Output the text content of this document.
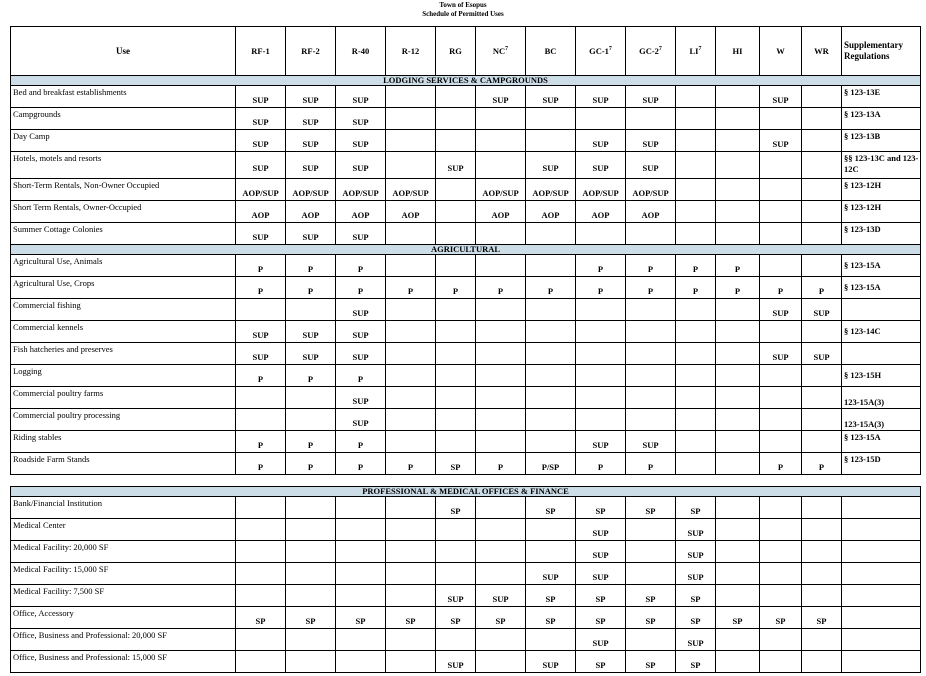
Town of Esopus
Schedule of Permitted Uses
Use	RF-1	RF-2	R-40	R-12	RG	$NC^7$	BC	$GC-1^7$	$GC-2^7$	$LI^7$	HI	W	WR	Supplementary Regulations
LODGING SERVICES & CAMPGROUNDS														
Bed and breakfast establishments	SUP	SUP	SUP			SUP	SUP	SUP	SUP			SUP		§ 123-13E
Campgrounds	SUP	SUP	SUP											§ 123-13A
Day Camp	SUP	SUP	SUP					SUP	SUP			SUP		§ 123-13B
Hotels, motels and resorts	SUP	SUP	SUP		SUP		SUP	SUP	SUP					§§ 123-13C and 123-12C
Short-Term Rentals, Non-Owner Occupied	AOP/SUP	AOP/SUP	AOP/SUP	AOP/SUP		AOP/SUP	AOP/SUP	AOP/SUP	AOP/SUP					§ 123-12H
Short Term Rentals, Owner-Occupied	AOP	AOP	AOP	AOP		AOP	AOP	AOP	AOP					§ 123-12H
Summer Cottage Colonies	SUP	SUP	SUP											§ 123-13D
AGRICULTURAL														
Agricultural Use, Animals	P	P	P					P	P	P	P			§ 123-15A
Agricultural Use, Crops	P	P	P	P	P	P	P	P	P	P	P	P	P	§ 123-15A
Commercial fishing			SUP									SUP	SUP	
Commercial kennels	SUP	SUP	SUP											§ 123-14C
Fish hatcheries and preserves	SUP	SUP	SUP									SUP	SUP	
Logging	P	P	P											§ 123-15H
Commercial poultry farms			SUP											123-15A(3)
Commercial poultry processing			SUP											123-15A(3)
Riding stables	P	P	P					SUP	SUP					§ 123-15A
Roadside Farm Stands	P	P	P	P	SP	P	P/SP	P	P			P	P	§ 123-15D

PROFESSIONAL & MEDICAL OFFICES & FINANCE														
Bank/Financial Institution					SP		SP	SP	SP	SP				
Medical Center								SUP		SUP				
Medical Facility: 20,000 SF								SUP		SUP				
Medical Facility: 15,000 SF							SUP	SUP		SUP				
Medical Facility: 7,500 SF					SUP	SUP	SP	SP	SP	SP				
Office, Accessory	SP	SP	SP	SP	SP	SP	SP	SP	SP	SP	SP	SP	SP	
Office, Business and Professional: 20,000 SF								SUP		SUP				
Office, Business and Professional: 15,000 SF					SUP		SUP	SP	SP	SP				
